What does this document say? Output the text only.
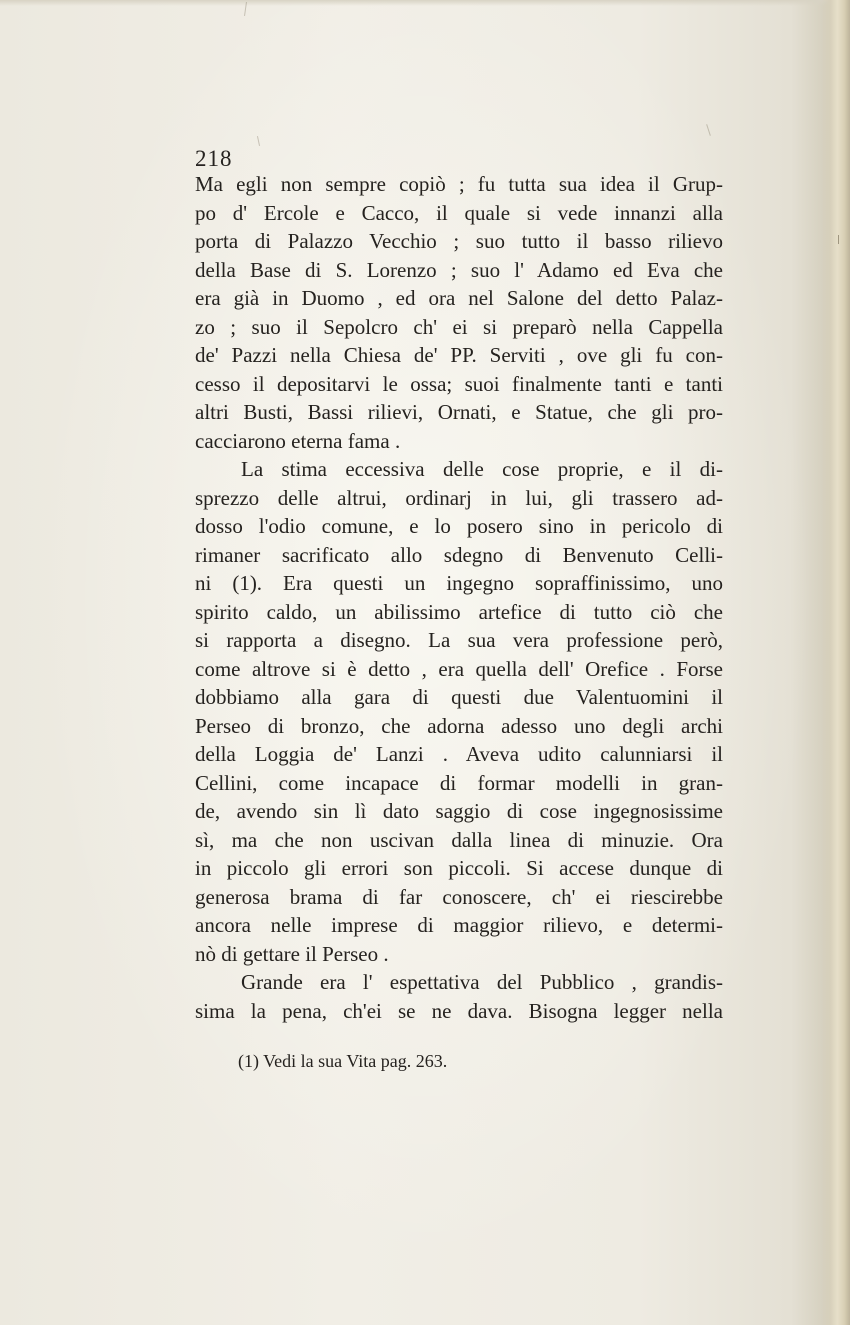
218
Ma egli non sempre copiò ; fu tutta sua idea il Grup-
po d' Ercole e Cacco, il quale si vede innanzi alla
porta di Palazzo Vecchio ; suo tutto il basso rilievo
della Base di S. Lorenzo ; suo l' Adamo ed Eva che
era già in Duomo , ed ora nel Salone del detto Palaz-
zo ; suo il Sepolcro ch' ei si preparò nella Cappella
de' Pazzi nella Chiesa de' PP. Serviti , ove gli fu con-
cesso il depositarvi le ossa; suoi finalmente tanti e tanti
altri Busti, Bassi rilievi, Ornati, e Statue, che gli pro-
cacciarono eterna fama .
La stima eccessiva delle cose proprie, e il di-
sprezzo delle altrui, ordinarj in lui, gli trassero ad-
dosso l'odio comune, e lo posero sino in pericolo di
rimaner sacrificato allo sdegno di Benvenuto Celli-
ni (1). Era questi un ingegno sopraffinissimo, uno
spirito caldo, un abilissimo artefice di tutto ciò che
si rapporta a disegno. La sua vera professione però,
come altrove si è detto , era quella dell' Orefice . Forse
dobbiamo alla gara di questi due Valentuomini il
Perseo di bronzo, che adorna adesso uno degli archi
della Loggia de' Lanzi . Aveva udito calunniarsi il
Cellini, come incapace di formar modelli in gran-
de, avendo sin lì dato saggio di cose ingegnosissime
sì, ma che non uscivan dalla linea di minuzie. Ora
in piccolo gli errori son piccoli. Si accese dunque di
generosa brama di far conoscere, ch' ei riescirebbe
ancora nelle imprese di maggior rilievo, e determi-
nò di gettare il Perseo .
Grande era l' espettativa del Pubblico , grandis-
sima la pena, ch'ei se ne dava. Bisogna legger nella
(1) Vedi la sua Vita pag. 263.
